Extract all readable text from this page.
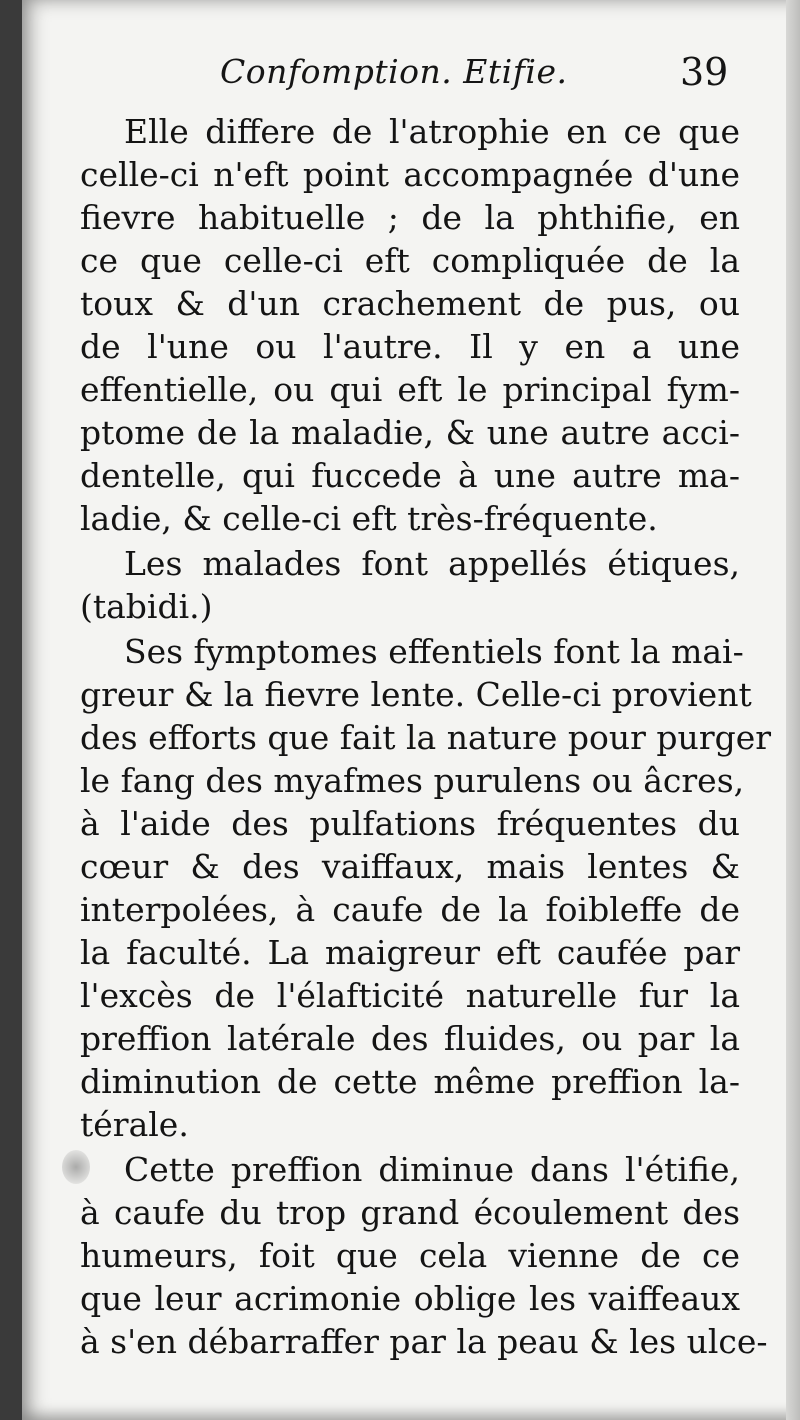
Confomption. Etifie.	39
Elle differe de l'atrophie en ce que
celle-ci n'eft point accompagnée d'une
fievre habituelle ; de la phthifie, en
ce que celle-ci eft compliquée de la
toux & d'un crachement de pus, ou
de l'une ou l'autre. Il y en a une
effentielle, ou qui eft le principal fym-
ptome de la maladie, & une autre acci-
dentelle, qui fuccede à une autre ma-
ladie, & celle-ci eft très-fréquente.
Les malades font appellés étiques,
(tabidi.)
Ses fymptomes effentiels font la mai-
greur & la fievre lente. Celle-ci provient
des efforts que fait la nature pour purger
le fang des myafmes purulens ou âcres,
à l'aide des pulfations fréquentes du
cœur & des vaiffaux, mais lentes &
interpolées, à caufe de la foibleffe de
la faculté. La maigreur eft caufée par
l'excès de l'élafticité naturelle fur la
preffion latérale des fluides, ou par la
diminution de cette même preffion la-
térale.
Cette preffion diminue dans l'étifie,
à caufe du trop grand écoulement des
humeurs, foit que cela vienne de ce
que leur acrimonie oblige les vaiffeaux
à s'en débarraffer par la peau & les ulce-
